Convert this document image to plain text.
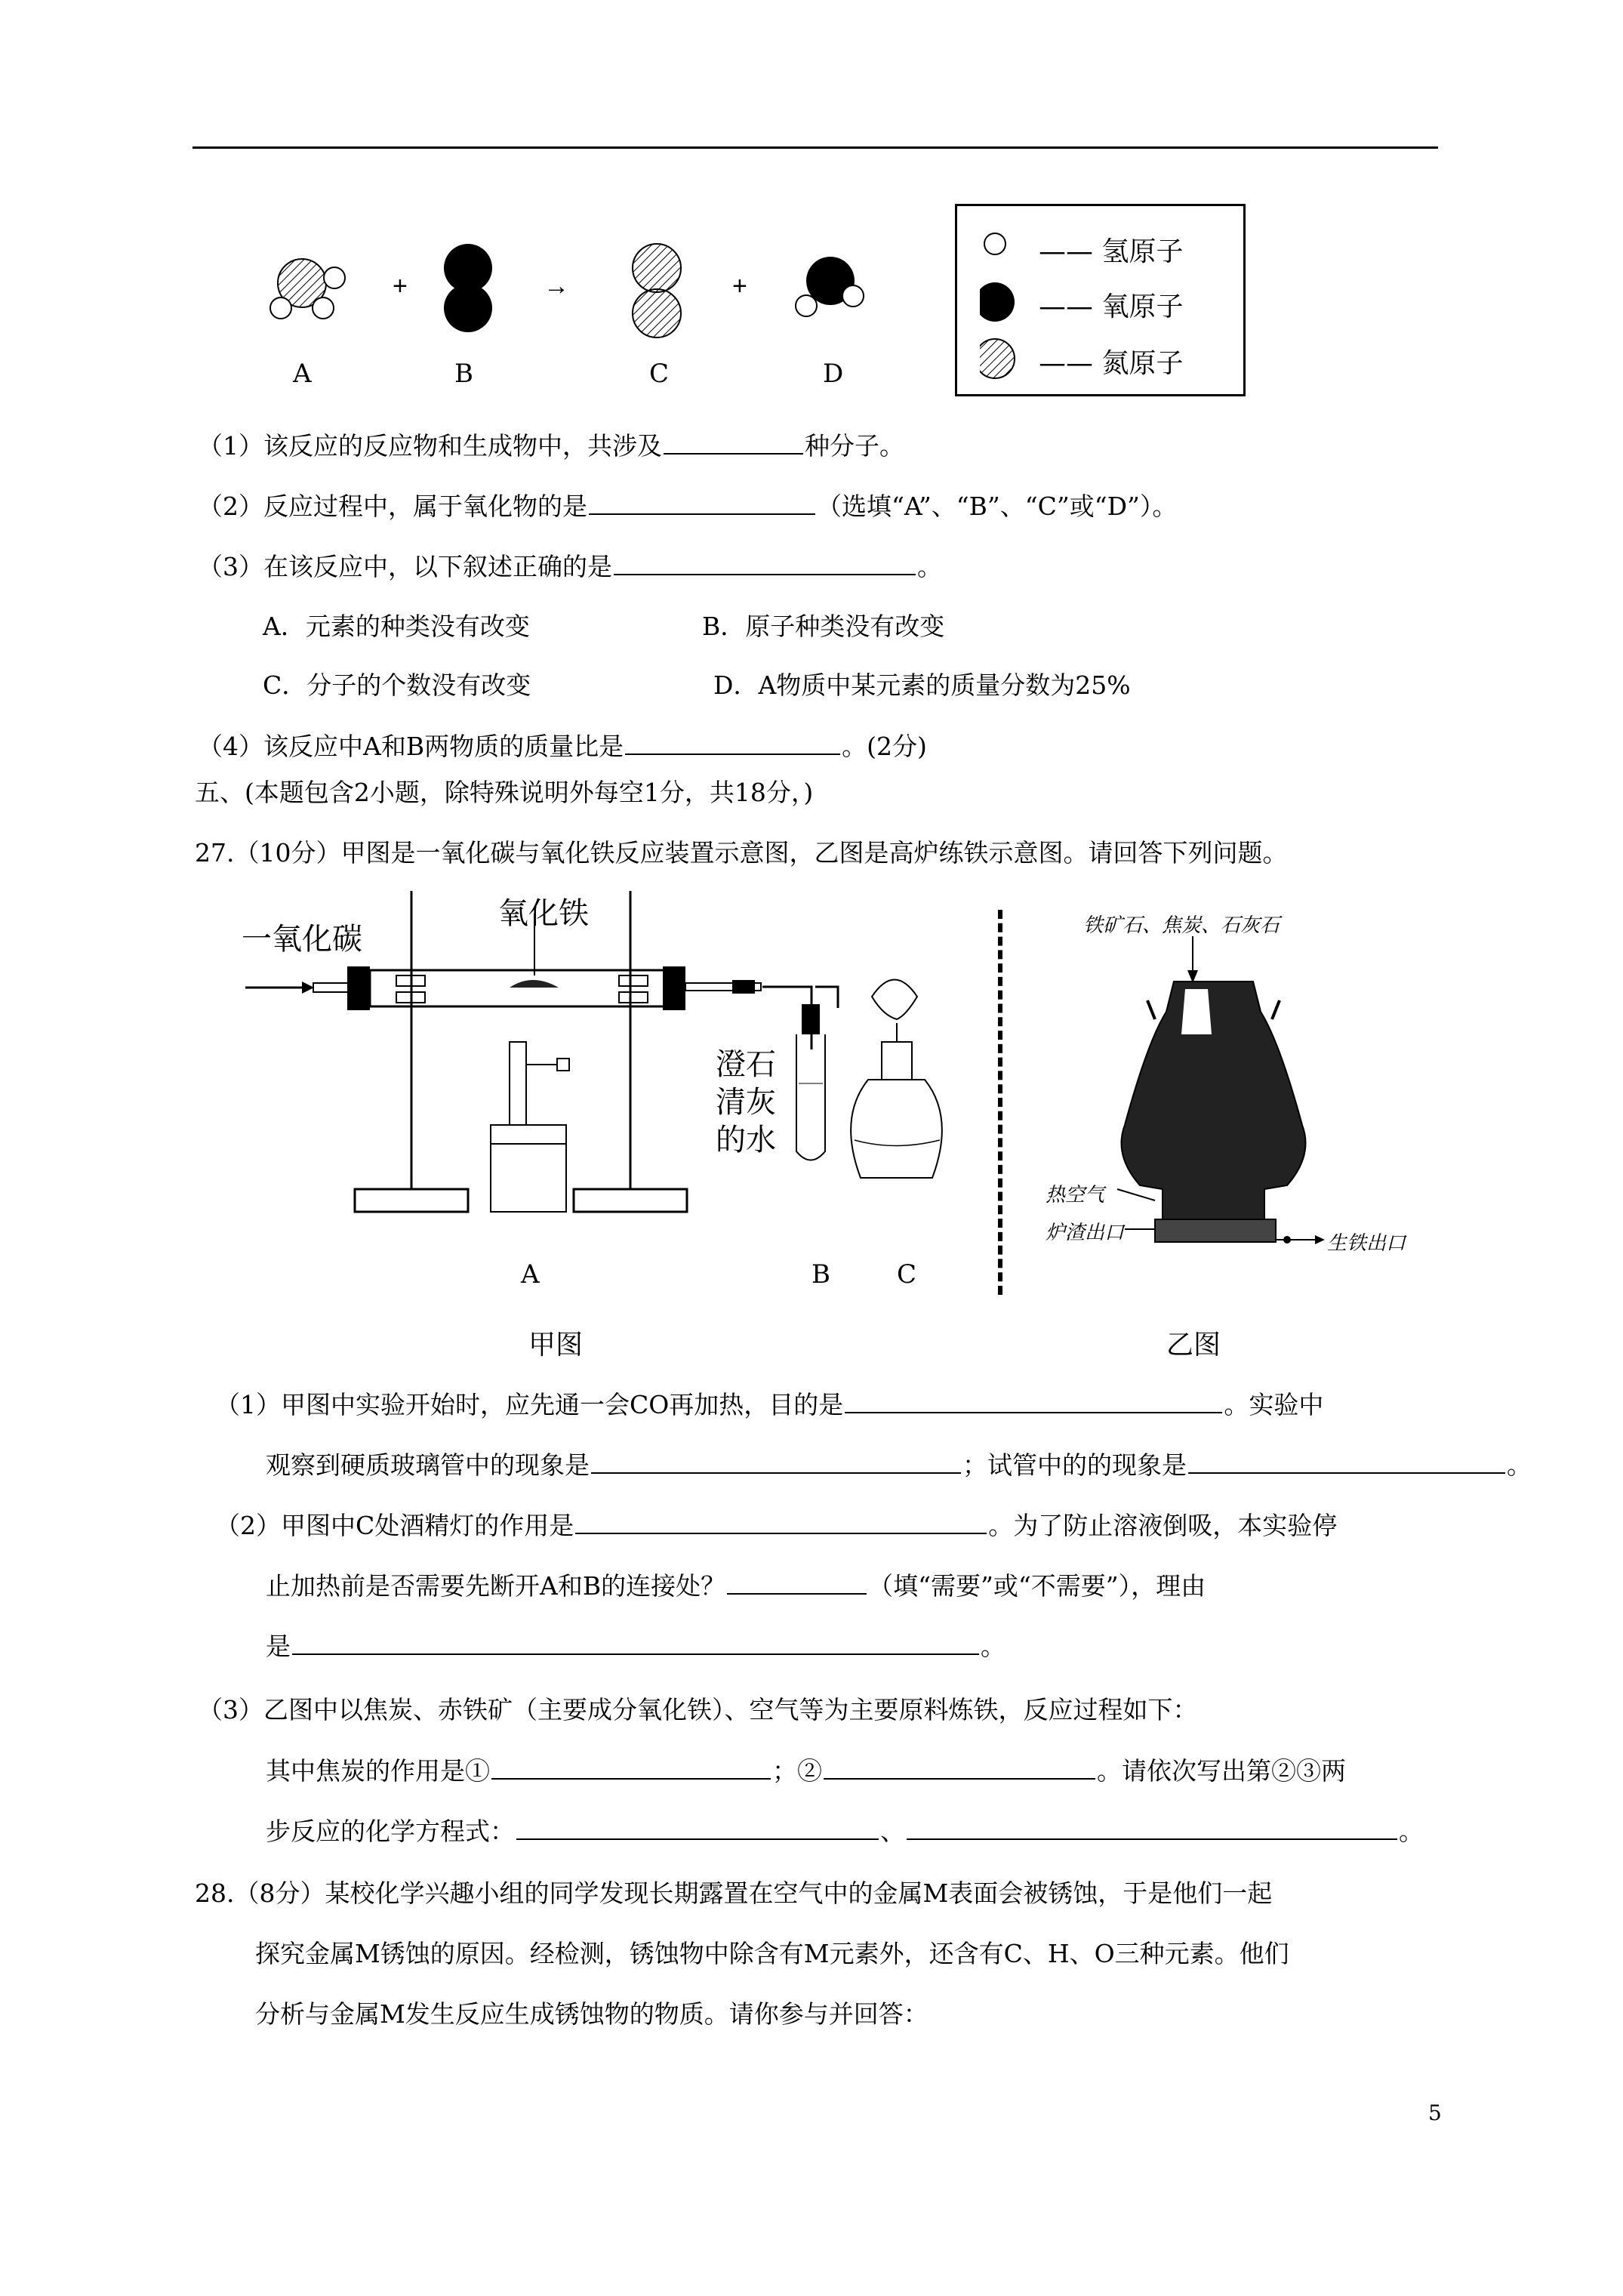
+	→	+
A	B	C	D
—— 氢原子
—— 氧原子
—— 氮原子
（1）该反应的反应物和生成物中，共涉及	种分子。
（2）反应过程中，属于氧化物的是	（选填“A”、“B”、“C”或“D”）。
（3）在该反应中，以下叙述正确的是	。
A．元素的种类没有改变	B．原子种类没有改变
C．分子的个数没有改变	D．A物质中某元素的质量分数为25%
（4）该反应中A和B两物质的质量比是	。(2分)
五、(本题包含2小题，除特殊说明外每空1分，共18分，)
27.（10分）甲图是一氧化碳与氧化铁反应装置示意图，乙图是高炉练铁示意图。请回答下列问题。
一氧化碳
氧化铁
澄石
清灰
的水
A	B	C
甲图
铁矿石、焦炭、石灰石
热空气
炉渣出口	生铁出口
乙图
（1）甲图中实验开始时，应先通一会CO再加热，目的是	。实验中
观察到硬质玻璃管中的现象是	；试管中的的现象是	。
（2）甲图中C处酒精灯的作用是	。为了防止溶液倒吸，本实验停
止加热前是否需要先断开A和B的连接处？	（填“需要”或“不需要”），理由
是	。
（3）乙图中以焦炭、赤铁矿（主要成分氧化铁）、空气等为主要原料炼铁，反应过程如下：
其中焦炭的作用是①	；②	。请依次写出第②③两
步反应的化学方程式：	、	。
28.（8分）某校化学兴趣小组的同学发现长期露置在空气中的金属M表面会被锈蚀，于是他们一起
探究金属M锈蚀的原因。经检测，锈蚀物中除含有M元素外，还含有C、H、O三种元素。他们
分析与金属M发生反应生成锈蚀物的物质。请你参与并回答：
5
